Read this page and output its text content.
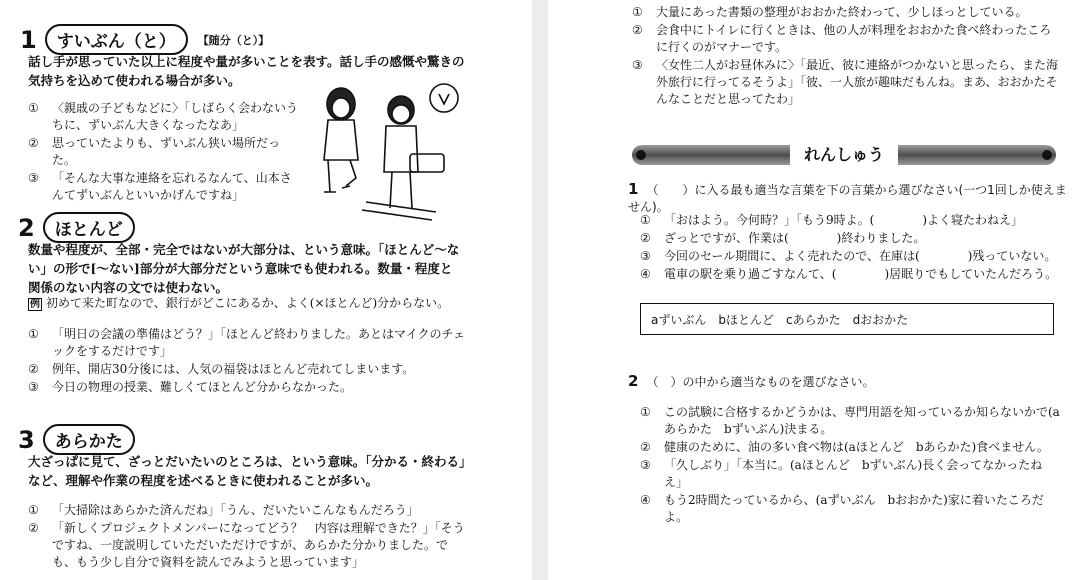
1	すいぶん（と）	【随分（と）】
話し手が思っていた以上に程度や量が多いことを表す。話し手の感慨や驚きの気持ちを込めて使われる場合が多い。
① 〈親戚の子どもなどに〉「しばらく会わないうちに、ずいぶん大きくなったなあ」
② 思っていたよりも、ずいぶん狭い場所だった。
③ 「そんな大事な連絡を忘れるなんて、山本さんてずいぶんといいかげんですね」
2	ほとんど
数量や程度が、全部・完全ではないが大部分は、という意味。「ほとんど～ない」の形で[～ない]部分が大部分だという意味でも使われる。数量・程度と関係のない内容の文では使わない。
例 初めて来た町なので、銀行がどこにあるか、よく(×ほとんど)分からない。
① 「明日の会議の準備はどう？」「ほとんど終わりました。あとはマイクのチェックをするだけです」
② 例年、開店30分後には、人気の福袋はほとんど売れてしまいます。
③ 今日の物理の授業、難しくてほとんど分からなかった。
3	あらかた
大ざっぱに見て、ざっとだいたいのところは、という意味。「分かる・終わる」など、理解や作業の程度を述べるときに使われることが多い。
① 「大掃除はあらかた済んだね」「うん、だいたいこんなもんだろう」
② 「新しくプロジェクトメンバーになってどう？　内容は理解できた？」「そうですね、一度説明していただいただけですが、あらかた分かりました。でも、もう少し自分で資料を読んでみようと思っています」
① 大量にあった書類の整理がおおかた終わって、少しほっとしている。
② 会食中にトイレに行くときは、他の人が料理をおおかた食べ終わったころに行くのがマナーです。
③ 〈女性二人がお昼休みに〉「最近、彼に連絡がつかないと思ったら、また海外旅行に行ってるそうよ」「彼、一人旅が趣味だもんね。まあ、おおかたそんなことだと思ってたわ」
れんしゅう
1 （　　）に入る最も適当な言葉を下の言葉から選びなさい(一つ1回しか使えません)。
① 「おはよう。今何時？」「もう9時よ。(　　　　)よく寝たわねえ」
② ざっとですが、作業は(　　　　)終わりました。
③ 今回のセール期間に、よく売れたので、在庫は(　　　　)残っていない。
④ 電車の駅を乗り過ごすなんて、(　　　　)居眠りでもしていたんだろう。
aずいぶん　bほとんど　cあらかた　dおおかた
2 （　）の中から適当なものを選びなさい。
① この試験に合格するかどうかは、専門用語を知っているか知らないかで(aあらかた　bずいぶん)決まる。
② 健康のために、油の多い食べ物は(aほとんど　bあらかた)食べません。
③ 「久しぶり」「本当に。(aほとんど　bずいぶん)長く会ってなかったねえ」
④ もう2時間たっているから、(aずいぶん　bおおかた)家に着いたころだよ。
